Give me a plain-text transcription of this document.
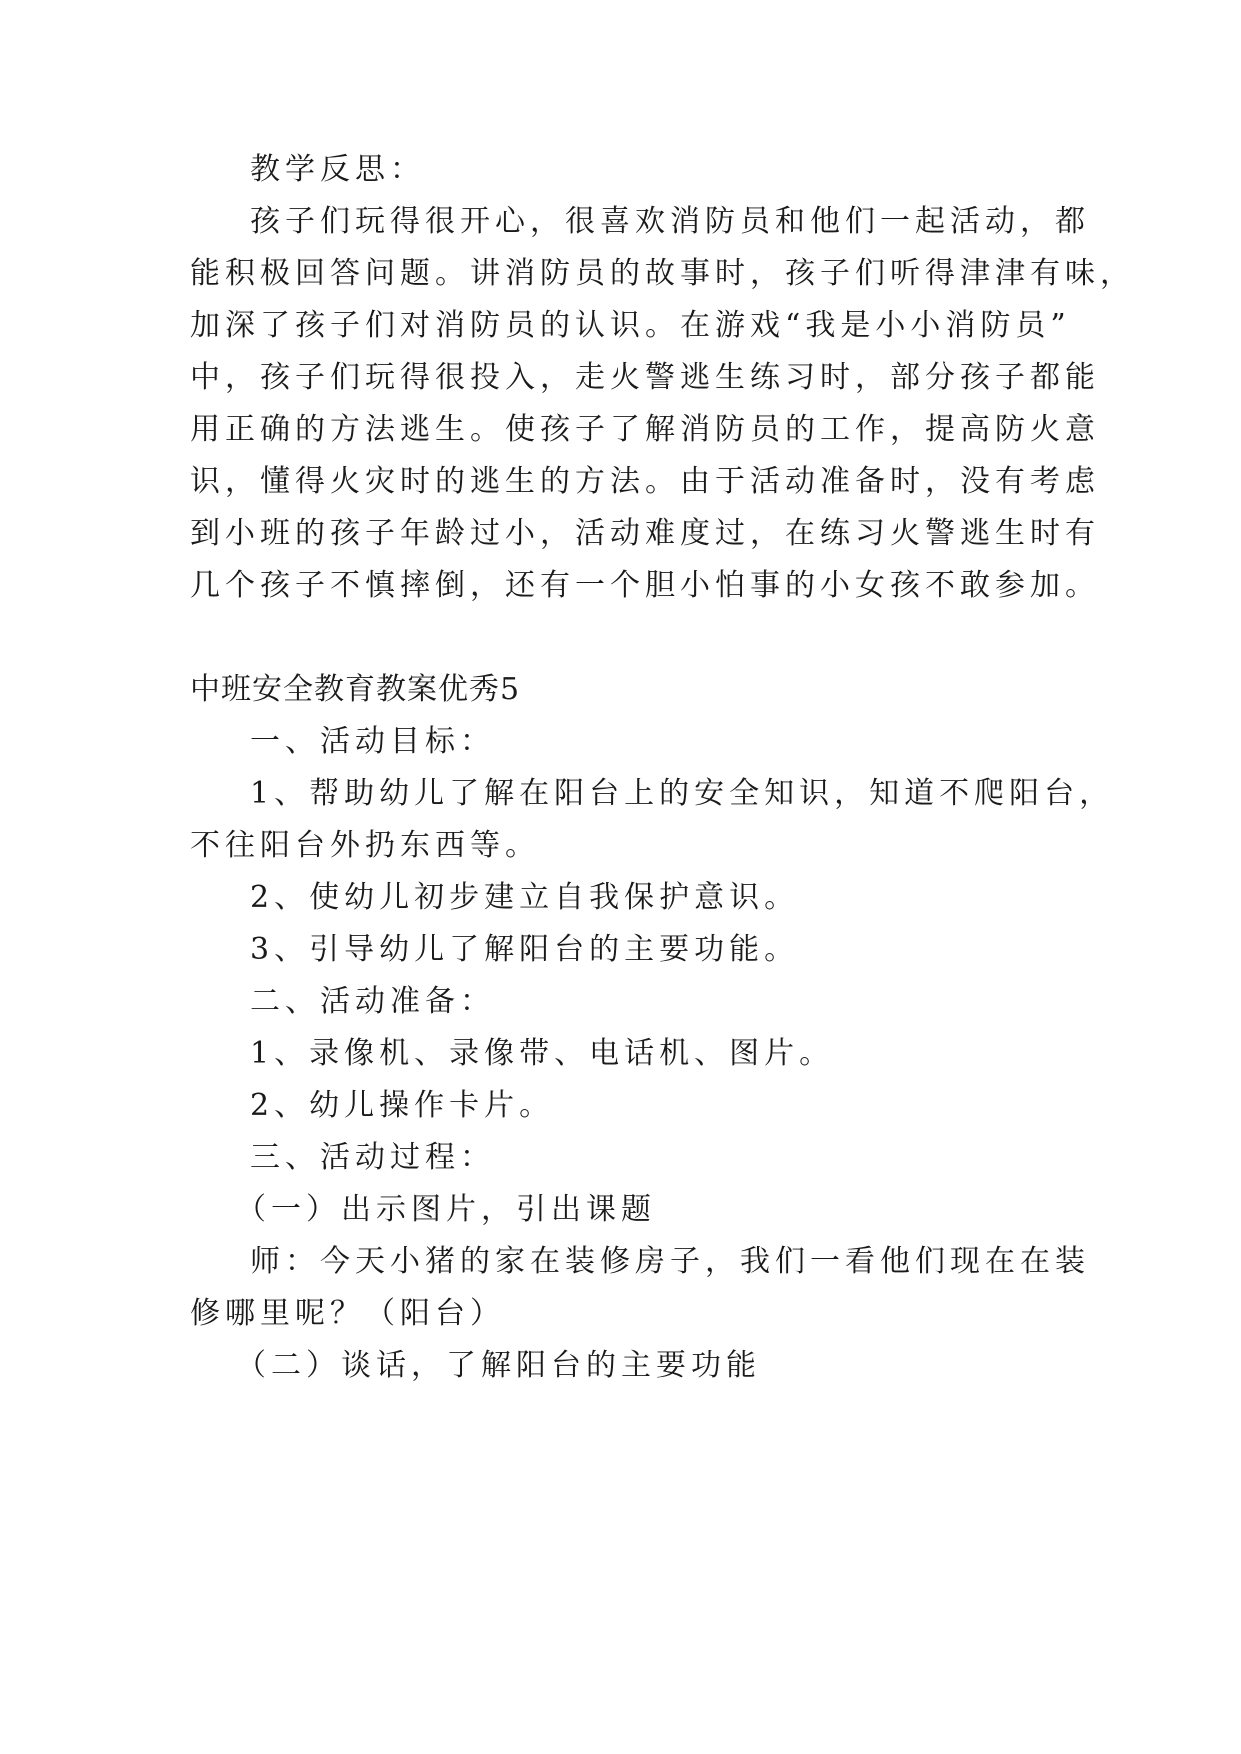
教学反思：
孩子们玩得很开心，很喜欢消防员和他们一起活动，都
能积极回答问题。讲消防员的故事时，孩子们听得津津有味，
加深了孩子们对消防员的认识。在游戏“我是小小消防员”
中，孩子们玩得很投入，走火警逃生练习时，部分孩子都能
用正确的方法逃生。使孩子了解消防员的工作，提高防火意
识，懂得火灾时的逃生的方法。由于活动准备时，没有考虑
到小班的孩子年龄过小，活动难度过，在练习火警逃生时有
几个孩子不慎摔倒，还有一个胆小怕事的小女孩不敢参加。
中班安全教育教案优秀5
一、活动目标：
1、帮助幼儿了解在阳台上的安全知识，知道不爬阳台，
不往阳台外扔东西等。
2、使幼儿初步建立自我保护意识。
3、引导幼儿了解阳台的主要功能。
二、活动准备：
1、录像机、录像带、电话机、图片。
2、幼儿操作卡片。
三、活动过程：
（一）出示图片，引出课题
师：今天小猪的家在装修房子，我们一看他们现在在装
修哪里呢？（阳台）
（二）谈话，了解阳台的主要功能
